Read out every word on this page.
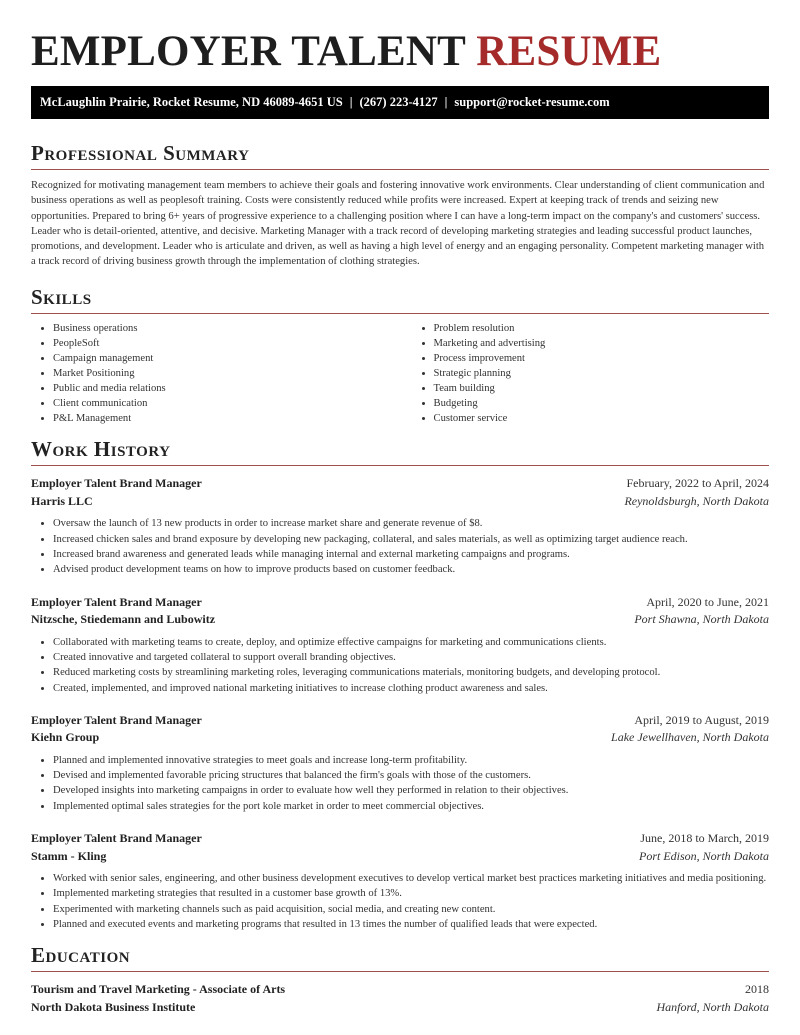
EMPLOYER TALENT RESUME
McLaughlin Prairie, Rocket Resume, ND 46089-4651 US | (267) 223-4127 | support@rocket-resume.com
Professional Summary

Recognized for motivating management team members to achieve their goals and fostering innovative work environments. Clear understanding of client communication and business operations as well as peoplesoft training. Costs were consistently reduced while profits were increased. Expert at keeping track of trends and seizing new opportunities. Prepared to bring 6+ years of progressive experience to a challenging position where I can have a long-term impact on the company's and customers' success. Leader who is detail-oriented, attentive, and decisive. Marketing Manager with a track record of developing marketing strategies and leading successful product launches, promotions, and development. Leader who is articulate and driven, as well as having a high level of energy and an engaging personality. Competent marketing manager with a track record of driving business growth through the implementation of clothing strategies.

Skills
• Business operations
• PeopleSoft
• Campaign management
• Market Positioning
• Public and media relations
• Client communication
• P&L Management
• Problem resolution
• Marketing and advertising
• Process improvement
• Strategic planning
• Team building
• Budgeting
• Customer service
Work History
Employer Talent Brand Manager	February, 2022 to April, 2024
Harris LLC	Reynoldsburgh, North Dakota
• Oversaw the launch of 13 new products in order to increase market share and generate revenue of $8.
• Increased chicken sales and brand exposure by developing new packaging, collateral, and sales materials, as well as optimizing target audience reach.
• Increased brand awareness and generated leads while managing internal and external marketing campaigns and programs.
• Advised product development teams on how to improve products based on customer feedback.
Employer Talent Brand Manager	April, 2020 to June, 2021
Nitzsche, Stiedemann and Lubowitz	Port Shawna, North Dakota
• Collaborated with marketing teams to create, deploy, and optimize effective campaigns for marketing and communications clients.
• Created innovative and targeted collateral to support overall branding objectives.
• Reduced marketing costs by streamlining marketing roles, leveraging communications materials, monitoring budgets, and developing protocol.
• Created, implemented, and improved national marketing initiatives to increase clothing product awareness and sales.
Employer Talent Brand Manager	April, 2019 to August, 2019
Kiehn Group	Lake Jewellhaven, North Dakota
• Planned and implemented innovative strategies to meet goals and increase long-term profitability.
• Devised and implemented favorable pricing structures that balanced the firm's goals with those of the customers.
• Developed insights into marketing campaigns in order to evaluate how well they performed in relation to their objectives.
• Implemented optimal sales strategies for the port kole market in order to meet commercial objectives.
Employer Talent Brand Manager	June, 2018 to March, 2019
Stamm - Kling	Port Edison, North Dakota
• Worked with senior sales, engineering, and other business development executives to develop vertical market best practices marketing initiatives and media positioning.
• Implemented marketing strategies that resulted in a customer base growth of 13%.
• Experimented with marketing channels such as paid acquisition, social media, and creating new content.
• Planned and executed events and marketing programs that resulted in 13 times the number of qualified leads that were expected.
Education
Tourism and Travel Marketing - Associate of Arts	2018
North Dakota Business Institute	Hanford, North Dakota
